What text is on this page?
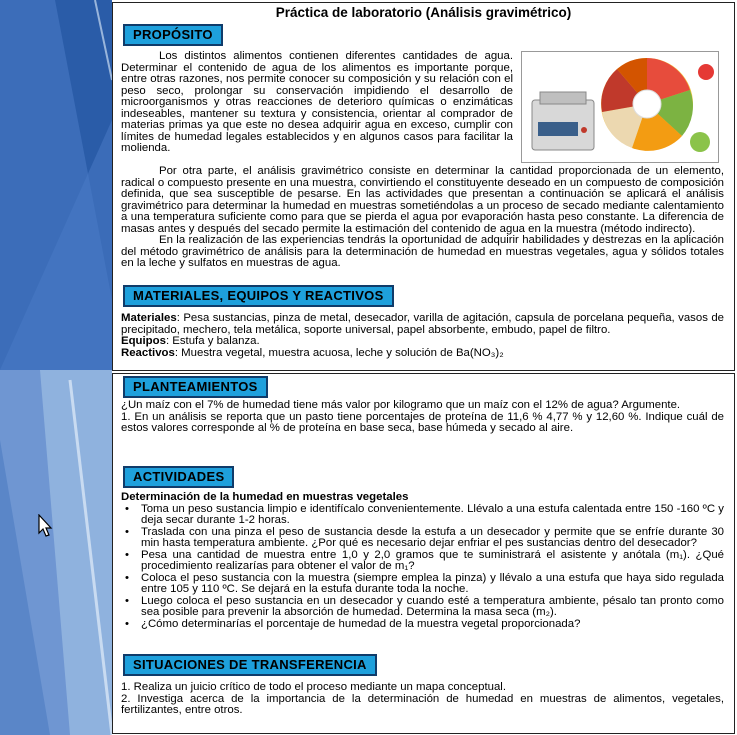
Práctica de laboratorio (Análisis gravimétrico)
PROPÓSITO

Los distintos alimentos contienen diferentes cantidades de agua. Determinar el contenido de agua de los alimentos es importante porque, entre otras razones, nos permite conocer su composición y su relación con el peso seco, prolongar su conservación impidiendo el desarrollo de microorganismos y otras reacciones de deterioro químicas o enzimáticas indeseables, mantener su textura y consistencia, orientar al comprador de materias primas ya que este no desea adquirir agua en exceso, cumplir con límites de humedad legales establecidos y en algunos casos para facilitar la molienda.

Por otra parte, el análisis gravimétrico consiste en determinar la cantidad proporcionada de un elemento, radical o compuesto presente en una muestra, convirtiendo el constituyente deseado en un compuesto de composición definida, que sea susceptible de pesarse. En las actividades que presentan a continuación se aplicará el análisis gravimétrico para determinar la humedad en muestras sometiéndolas a un proceso de secado mediante calentamiento a una temperatura suficiente como para que se pierda el agua por evaporación hasta peso constante. La diferencia de masas antes y después del secado permite la estimación del contenido de agua en la muestra (método indirecto).

En la realización de las experiencias tendrás la oportunidad de adquirir habilidades y destrezas en la aplicación del método gravimétrico de análisis para la determinación de humedad en muestras vegetales, agua y sólidos totales en la leche y sulfatos en muestras de agua.

MATERIALES, EQUIPOS Y REACTIVOS

Materiales: Pesa sustancias, pinza de metal, desecador, varilla de agitación, capsula de porcelana pequeña, vasos de precipitado, mechero, tela metálica, soporte universal, papel absorbente, embudo, papel de filtro.

Equipos: Estufa y balanza.

Reactivos: Muestra vegetal, muestra acuosa, leche y solución de Ba(NO₃)₂

PLANTEAMIENTOS

¿Un maíz con el 7% de humedad tiene más valor por kilogramo que un maíz con el 12% de agua? Argumente.

1. En un análisis se reporta que un pasto tiene porcentajes de proteína de 11,6 % 4,77 % y 12,60 %. Indique cuál de estos valores corresponde al % de proteína en base seca, base húmeda y secado al aire.

ACTIVIDADES

Determinación de la humedad en muestras vegetales

• Toma un peso sustancia limpio e identifícalo convenientemente. Llévalo a una estufa calentada entre 150 -160 ºC y deja secar durante 1-2 horas.
• Traslada con una pinza el peso de sustancia desde la estufa a un desecador y permite que se enfríe durante 30 min hasta temperatura ambiente. ¿Por qué es necesario dejar enfriar el pes sustancias dentro del desecador?
• Pesa una cantidad de muestra entre 1,0 y 2,0 gramos que te suministrará el asistente y anótala (m₁). ¿Qué procedimiento realizarías para obtener el valor de m₁?
• Coloca el peso sustancia con la muestra (siempre emplea la pinza) y llévalo a una estufa que haya sido regulada entre 105 y 110 ºC. Se dejará en la estufa durante toda la noche.
• Luego coloca el peso sustancia en un desecador y cuando esté a temperatura ambiente, pésalo tan pronto como sea posible para prevenir la absorción de humedad. Determina la masa seca (m₂).
• ¿Cómo determinarías el porcentaje de humedad de la muestra vegetal proporcionada?
SITUACIONES DE TRANSFERENCIA

1. Realiza un juicio crítico de todo el proceso mediante un mapa conceptual.

2. Investiga acerca de la importancia de la determinación de humedad en muestras de alimentos, vegetales, fertilizantes, entre otros.
